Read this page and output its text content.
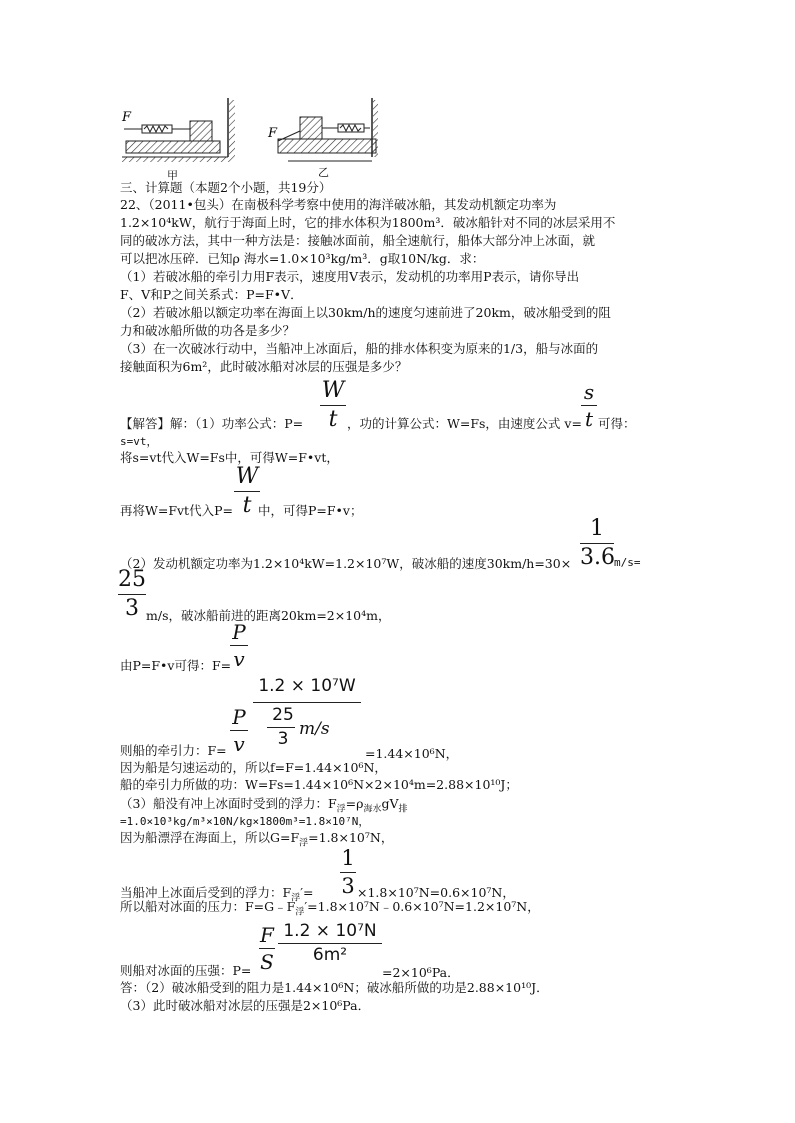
F
F
甲	乙
三、计算题（本题2个小题，共19分）
22、（2011•包头）在南极科学考察中使用的海洋破冰船，其发动机额定功率为
1.2×10⁴kW，航行于海面上时，它的排水体积为1800m³．破冰船针对不同的冰层采用不
同的破冰方法，其中一种方法是：接触冰面前，船全速航行，船体大部分冲上冰面，就
可以把冰压碎．已知ρ 海水=1.0×10³kg/m³．g取10N/kg．求：
（1）若破冰船的牵引力用F表示，速度用V表示，发动机的功率用P表示，请你导出
F、V和P之间关系式：P=F•V．
（2）若破冰船以额定功率在海面上以30km/h的速度匀速前进了20km，破冰船受到的阻
力和破冰船所做的功各是多少？
（3）在一次破冰行动中，当船冲上冰面后，船的排水体积变为原来的1/3，船与冰面的
接触面积为6m²，此时破冰船对冰层的压强是多少？
W
t
【解答】解：（1）功率公式：P=	，功的计算公式：W=Fs，由速度公式 v=
s
t 可得：
s=vt，
将s=vt代入W=Fs中，可得W=F•vt，
W
t
再将W=Fvt代入P= 中，可得P=F•v；
1
3.6
（2）发动机额定功率为1.2×10⁴kW=1.2×10⁷W，破冰船的速度30km/h=30×	m/s=
25
3 m/s，破冰船前进的距离20km=2×10⁴m，
P
v
由P=F•v可得：F=
P
v
则船的牵引力：F=
1.2 × 10⁷W
25
3 m/s
=1.44×10⁶N，
因为船是匀速运动的，所以f=F=1.44×10⁶N，
船的牵引力所做的功：W=Fs=1.44×10⁶N×2×10⁴m=2.88×10¹⁰J；
（3）船没有冲上冰面时受到的浮力：$F_浮=\rho_{海水}gV_排$
=1.0×10³kg/m³×10N/kg×1800m³=1.8×10⁷N，
因为船漂浮在海面上，所以$G=F_浮=1.8\times 10^7N$，
1
3
当船冲上冰面后受到的浮力：$F_浮'=$	×1.8×10⁷N=0.6×10⁷N，
所以船对冰面的压力：$F=G﹣F_浮'=1.8\times 10^7N﹣0.6\times 10^7N=1.2\times 10^7N$，
F
S
则船对冰面的压强：P=
1.2 × 10⁷N
6m²
=2×10⁶Pa．
答：（2）破冰船受到的阻力是1.44×10⁶N；破冰船所做的功是2.88×10¹⁰J．
（3）此时破冰船对冰层的压强是2×10⁶Pa．
